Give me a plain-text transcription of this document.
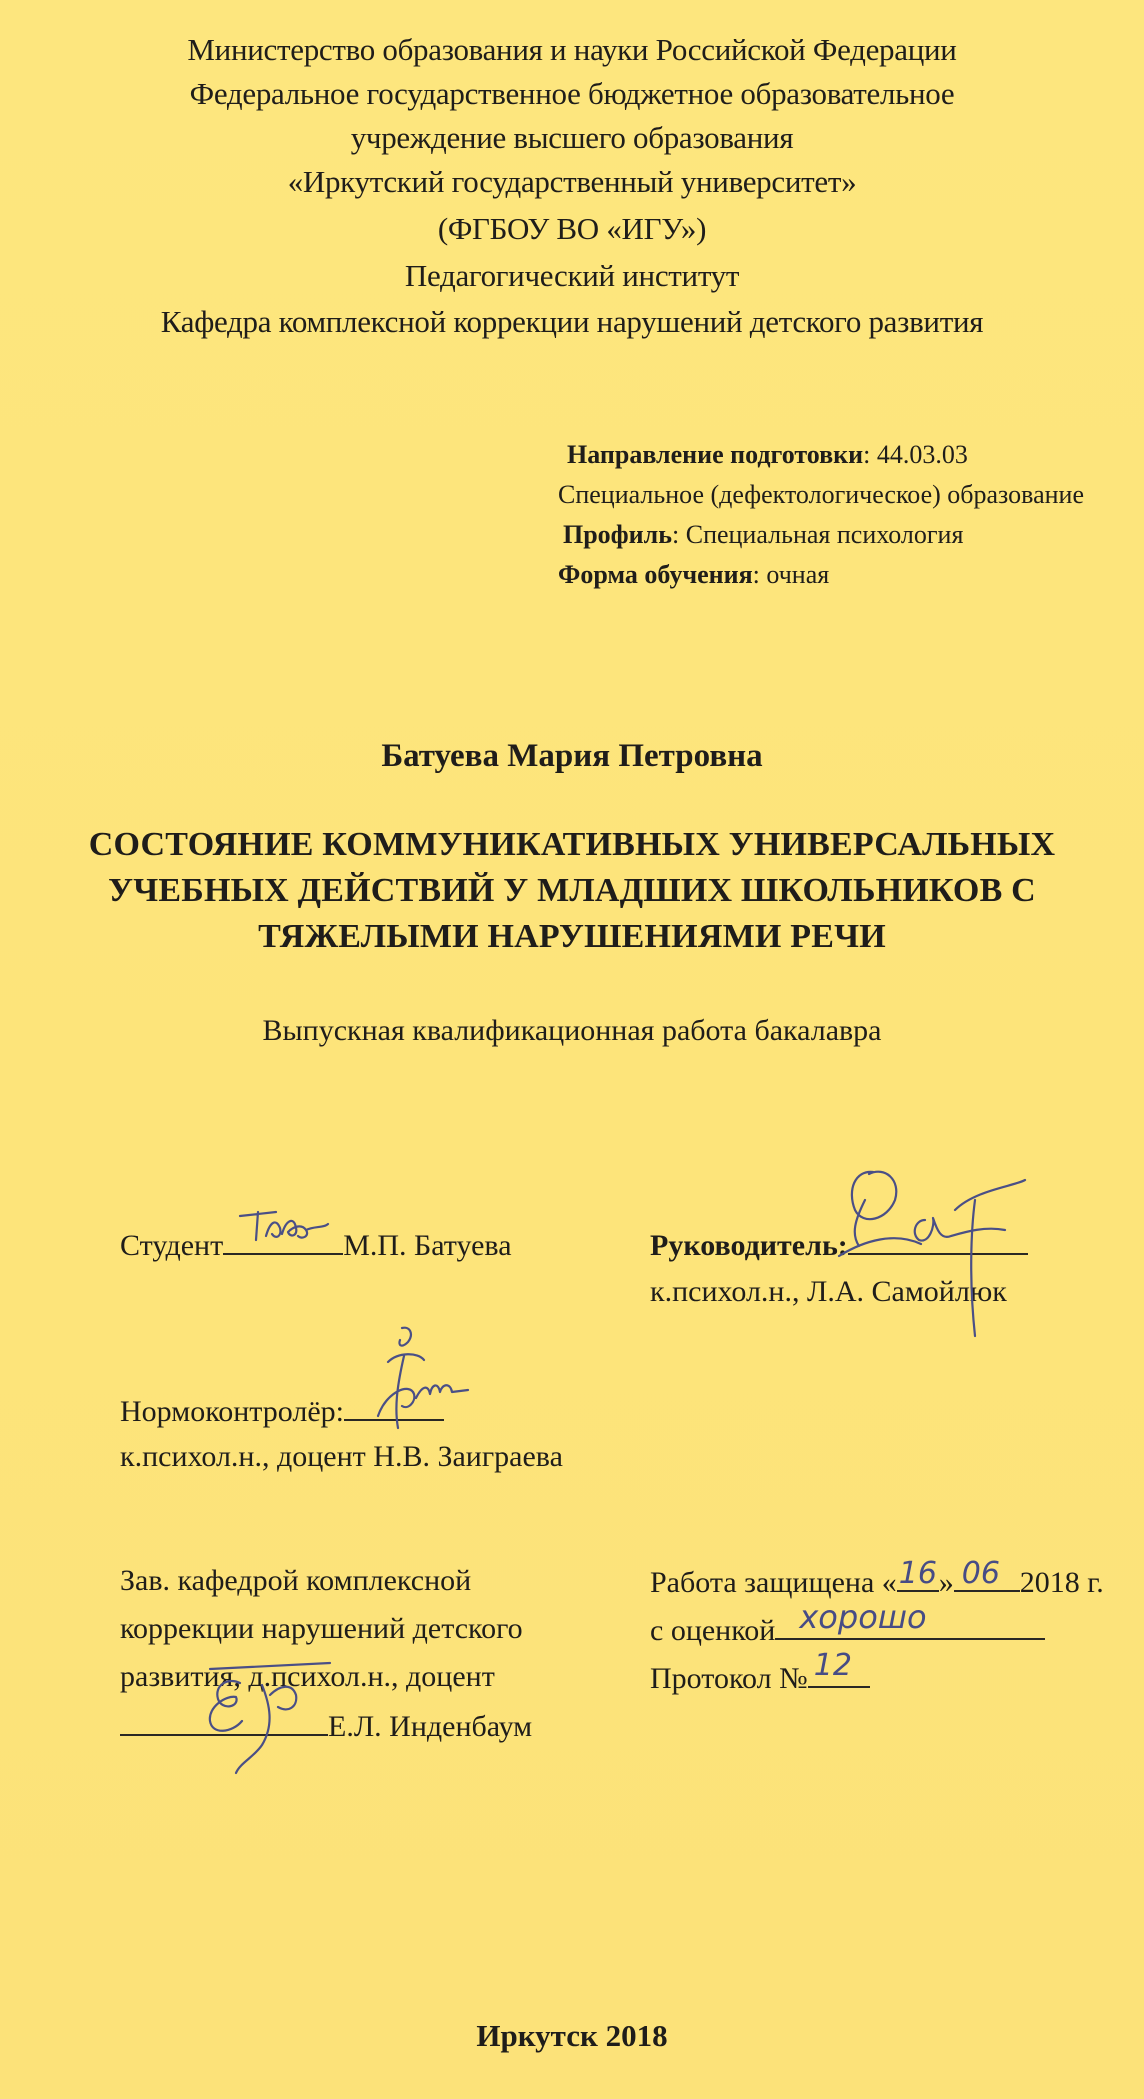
Министерство образования и науки Российской Федерации
Федеральное государственное бюджетное образовательное
учреждение высшего образования
«Иркутский государственный университет»
(ФГБОУ ВО «ИГУ»)
Педагогический институт
Кафедра комплексной коррекции нарушений детского развития
Направление подготовки: 44.03.03
Специальное (дефектологическое) образование
Профиль: Специальная психология
Форма обучения: очная
Батуева Мария Петровна
СОСТОЯНИЕ КОММУНИКАТИВНЫХ УНИВЕРСАЛЬНЫХ
УЧЕБНЫХ ДЕЙСТВИЙ У МЛАДШИХ ШКОЛЬНИКОВ С
ТЯЖЕЛЫМИ НАРУШЕНИЯМИ РЕЧИ
Выпускная квалификационная работа бакалавра
Студент	М.П. Батуева	Руководитель:
к.психол.н., Л.А. Самойлюк
Нормоконтролёр:
к.психол.н., доцент Н.В. Заиграева
Зав. кафедрой комплексной
коррекции нарушений детского
развития, д.психол.н., доцент
Е.Л. Инденбаум
Работа защищена « 16 » 06 2018 г.
с оценкой хорошо
Протокол № 12
Иркутск 2018
